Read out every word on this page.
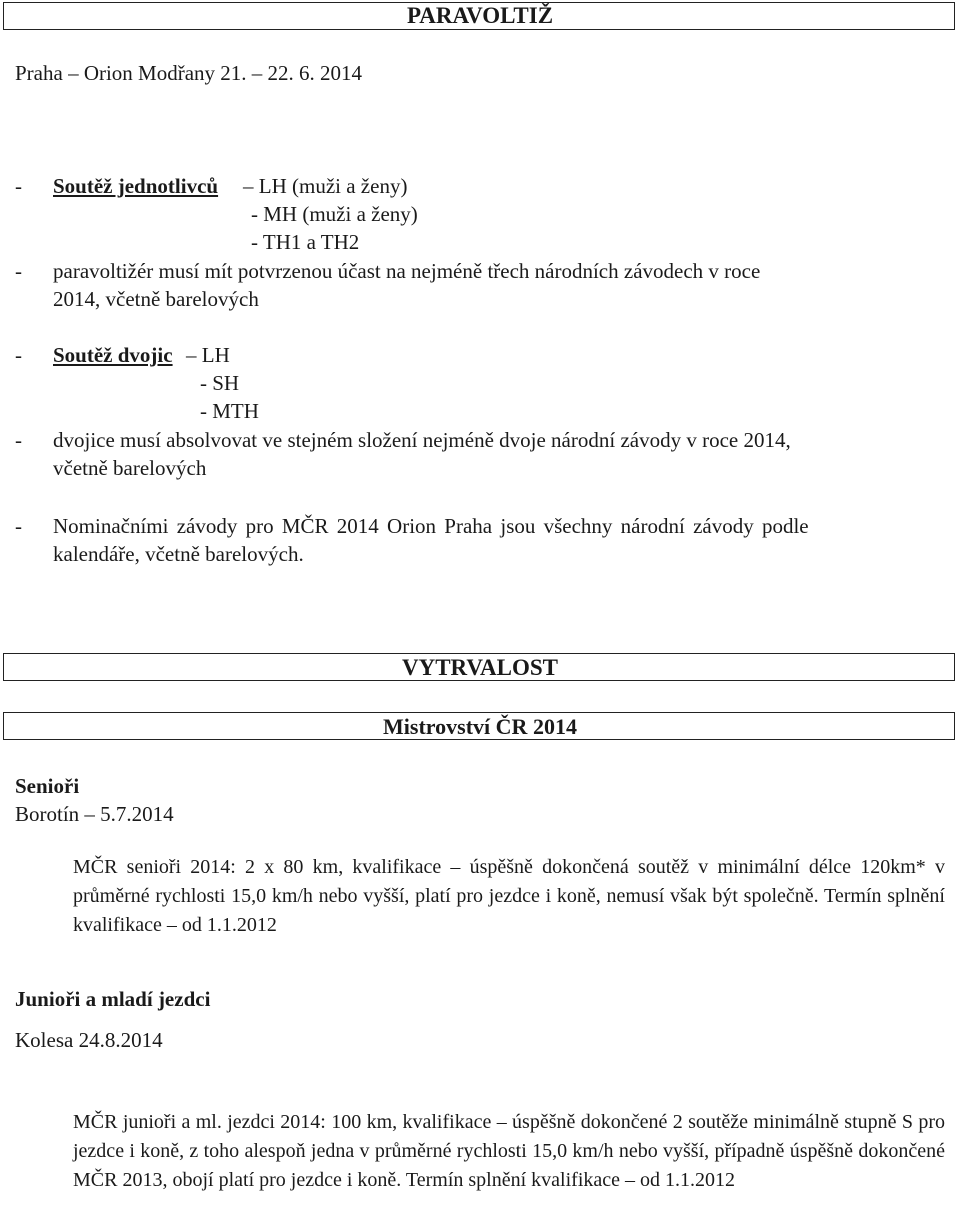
PARAVOLTIŽ
Praha – Orion Modřany 21. – 22. 6. 2014
- Soutěž jednotlivců – LH (muži a ženy)
- MH (muži a ženy)
- TH1 a TH2
- paravoltižér musí mít potvrzenou účast na nejméně třech národních závodech v roce
2014, včetně barelových
- Soutěž dvojic – LH
- SH
- MTH
- dvojice musí absolvovat ve stejném složení nejméně dvoje národní závody v roce 2014,
včetně barelových
- Nominačními závody pro MČR 2014 Orion Praha jsou všechny národní závody podle
kalendáře, včetně barelových.
VYTRVALOST
Mistrovství ČR 2014
Senioři
Borotín – 5.7.2014
MČR senioři 2014: 2 x 80 km, kvalifikace – úspěšně dokončená soutěž v minimální délce 120km* v průměrné rychlosti 15,0 km/h nebo vyšší, platí pro jezdce i koně, nemusí však být společně. Termín splnění kvalifikace – od 1.1.2012
Junioři a mladí jezdci
Kolesa 24.8.2014
MČR junioři a ml. jezdci 2014: 100 km, kvalifikace – úspěšně dokončené 2 soutěže minimálně stupně S pro jezdce i koně, z toho alespoň jedna v průměrné rychlosti 15,0 km/h nebo vyšší, případně úspěšně dokončené MČR 2013, obojí platí pro jezdce i koně. Termín splnění kvalifikace – od 1.1.2012
